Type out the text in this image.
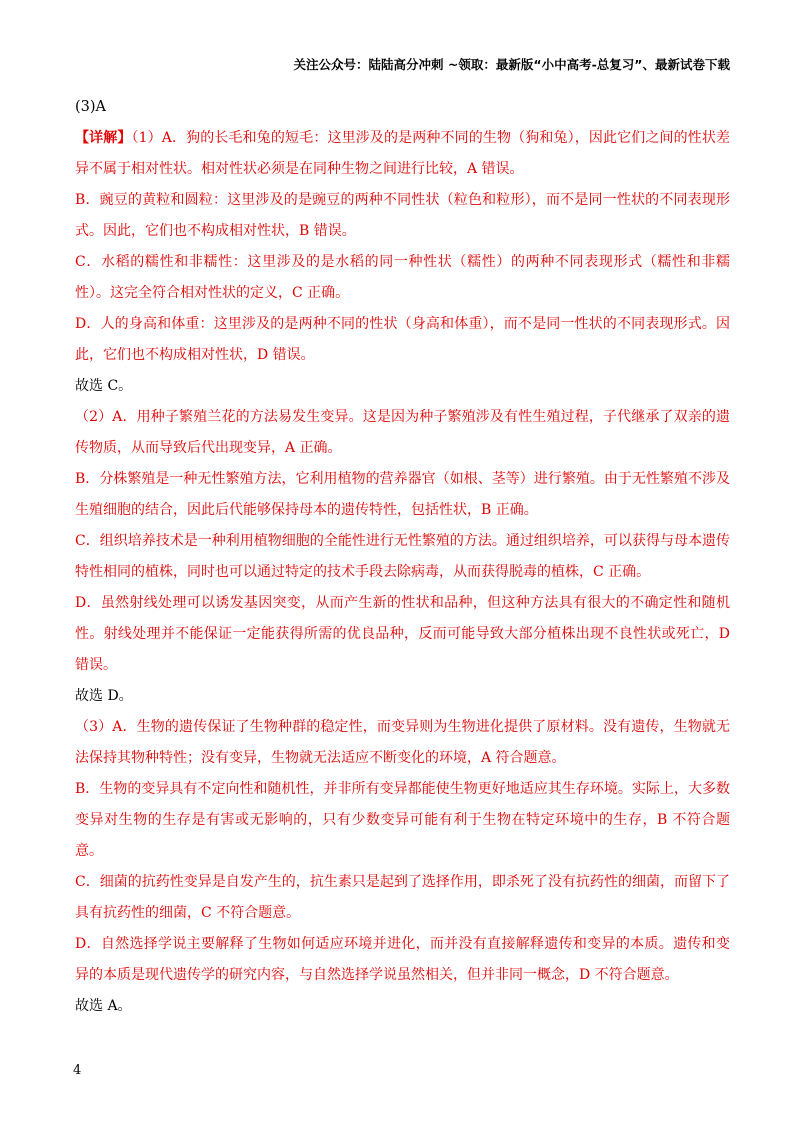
关注公众号：陆陆高分冲刺 ~领取：最新版“小中高考-总复习”、最新试卷下载

(3)A

【详解】（1）A．狗的长毛和兔的短毛：这里涉及的是两种不同的生物（狗和兔），因此它们之间的性状差异不属于相对性状。相对性状必须是在同种生物之间进行比较，A 错误。

B．豌豆的黄粒和圆粒：这里涉及的是豌豆的两种不同性状（粒色和粒形），而不是同一性状的不同表现形式。因此，它们也不构成相对性状，B 错误。

C．水稻的糯性和非糯性：这里涉及的是水稻的同一种性状（糯性）的两种不同表现形式（糯性和非糯性）。这完全符合相对性状的定义，C 正确。

D．人的身高和体重：这里涉及的是两种不同的性状（身高和体重），而不是同一性状的不同表现形式。因此，它们也不构成相对性状，D 错误。

故选 C。

（2）A．用种子繁殖兰花的方法易发生变异。这是因为种子繁殖涉及有性生殖过程，子代继承了双亲的遗传物质，从而导致后代出现变异，A 正确。

B．分株繁殖是一种无性繁殖方法，它利用植物的营养器官（如根、茎等）进行繁殖。由于无性繁殖不涉及生殖细胞的结合，因此后代能够保持母本的遗传特性，包括性状，B 正确。

C．组织培养技术是一种利用植物细胞的全能性进行无性繁殖的方法。通过组织培养，可以获得与母本遗传特性相同的植株，同时也可以通过特定的技术手段去除病毒，从而获得脱毒的植株，C 正确。

D．虽然射线处理可以诱发基因突变，从而产生新的性状和品种，但这种方法具有很大的不确定性和随机性。射线处理并不能保证一定能获得所需的优良品种，反而可能导致大部分植株出现不良性状或死亡，D 错误。

故选 D。

（3）A．生物的遗传保证了生物种群的稳定性，而变异则为生物进化提供了原材料。没有遗传，生物就无法保持其物种特性；没有变异，生物就无法适应不断变化的环境，A 符合题意。

B．生物的变异具有不定向性和随机性，并非所有变异都能使生物更好地适应其生存环境。实际上，大多数变异对生物的生存是有害或无影响的，只有少数变异可能有利于生物在特定环境中的生存，B 不符合题意。

C．细菌的抗药性变异是自发产生的，抗生素只是起到了选择作用，即杀死了没有抗药性的细菌，而留下了具有抗药性的细菌，C 不符合题意。

D．自然选择学说主要解释了生物如何适应环境并进化，而并没有直接解释遗传和变异的本质。遗传和变异的本质是现代遗传学的研究内容，与自然选择学说虽然相关，但并非同一概念，D 不符合题意。

故选 A。

4
